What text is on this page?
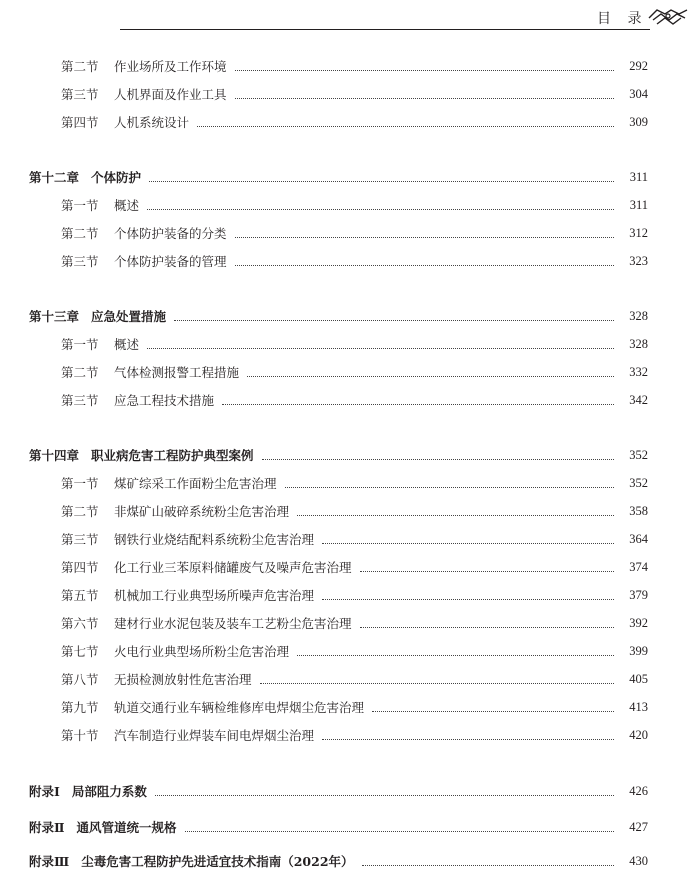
目 录
第二节	作业场所及工作环境	292
第三节	人机界面及作业工具	304
第四节	人机系统设计	309
第十二章 个体防护	311
第一节	概述	311
第二节	个体防护装备的分类	312
第三节	个体防护装备的管理	323
第十三章 应急处置措施	328
第一节	概述	328
第二节	气体检测报警工程措施	332
第三节	应急工程技术措施	342
第十四章 职业病危害工程防护典型案例	352
第一节	煤矿综采工作面粉尘危害治理	352
第二节	非煤矿山破碎系统粉尘危害治理	358
第三节	钢铁行业烧结配料系统粉尘危害治理	364
第四节	化工行业三苯原料储罐废气及噪声危害治理	374
第五节	机械加工行业典型场所噪声危害治理	379
第六节	建材行业水泥包装及装车工艺粉尘危害治理	392
第七节	火电行业典型场所粉尘危害治理	399
第八节	无损检测放射性危害治理	405
第九节	轨道交通行业车辆检维修库电焊烟尘危害治理	413
第十节	汽车制造行业焊装车间电焊烟尘治理	420
附录Ⅰ 局部阻力系数	426
附录Ⅱ 通风管道统一规格	427
附录Ⅲ 尘毒危害工程防护先进适宜技术指南（2022年）	430
